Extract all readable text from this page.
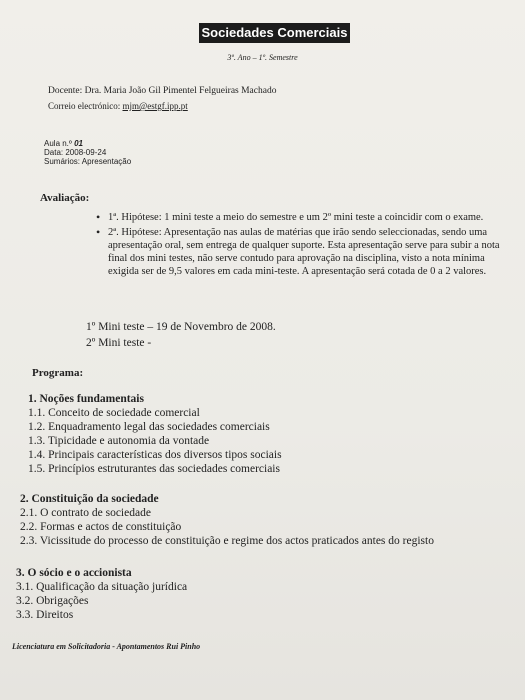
Sociedades Comerciais
3º. Ano – 1º. Semestre
Docente: Dra. Maria João Gil Pimentel Felgueiras Machado
Correio electrónico: mjm@estgf.ipp.pt
Aula n.º 01
Data: 2008-09-24
Sumários: Apresentação
Avaliação:
• 1ª. Hipótese: 1 mini teste a meio do semestre e um 2º mini teste a coincidir com o exame.
• 2ª. Hipótese: Apresentação nas aulas de matérias que irão sendo seleccionadas, sendo uma apresentação oral, sem entrega de qualquer suporte. Esta apresentação serve para subir a nota final dos mini testes, não serve contudo para aprovação na disciplina, visto a nota mínima exigida ser de 9,5 valores em cada mini-teste. A apresentação será cotada de 0 a 2 valores.
1º Mini teste – 19 de Novembro de 2008.
2º Mini teste -
Programa:
1. Noções fundamentais
1.1. Conceito de sociedade comercial
1.2. Enquadramento legal das sociedades comerciais
1.3. Tipicidade e autonomia da vontade
1.4. Principais características dos diversos tipos sociais
1.5. Princípios estruturantes das sociedades comerciais
2. Constituição da sociedade
2.1. O contrato de sociedade
2.2. Formas e actos de constituição
2.3. Vicissitude do processo de constituição e regime dos actos praticados antes do registo
3. O sócio e o accionista
3.1. Qualificação da situação jurídica
3.2. Obrigações
3.3. Direitos
Licenciatura em Solicitadoria - Apontamentos Rui Pinho
